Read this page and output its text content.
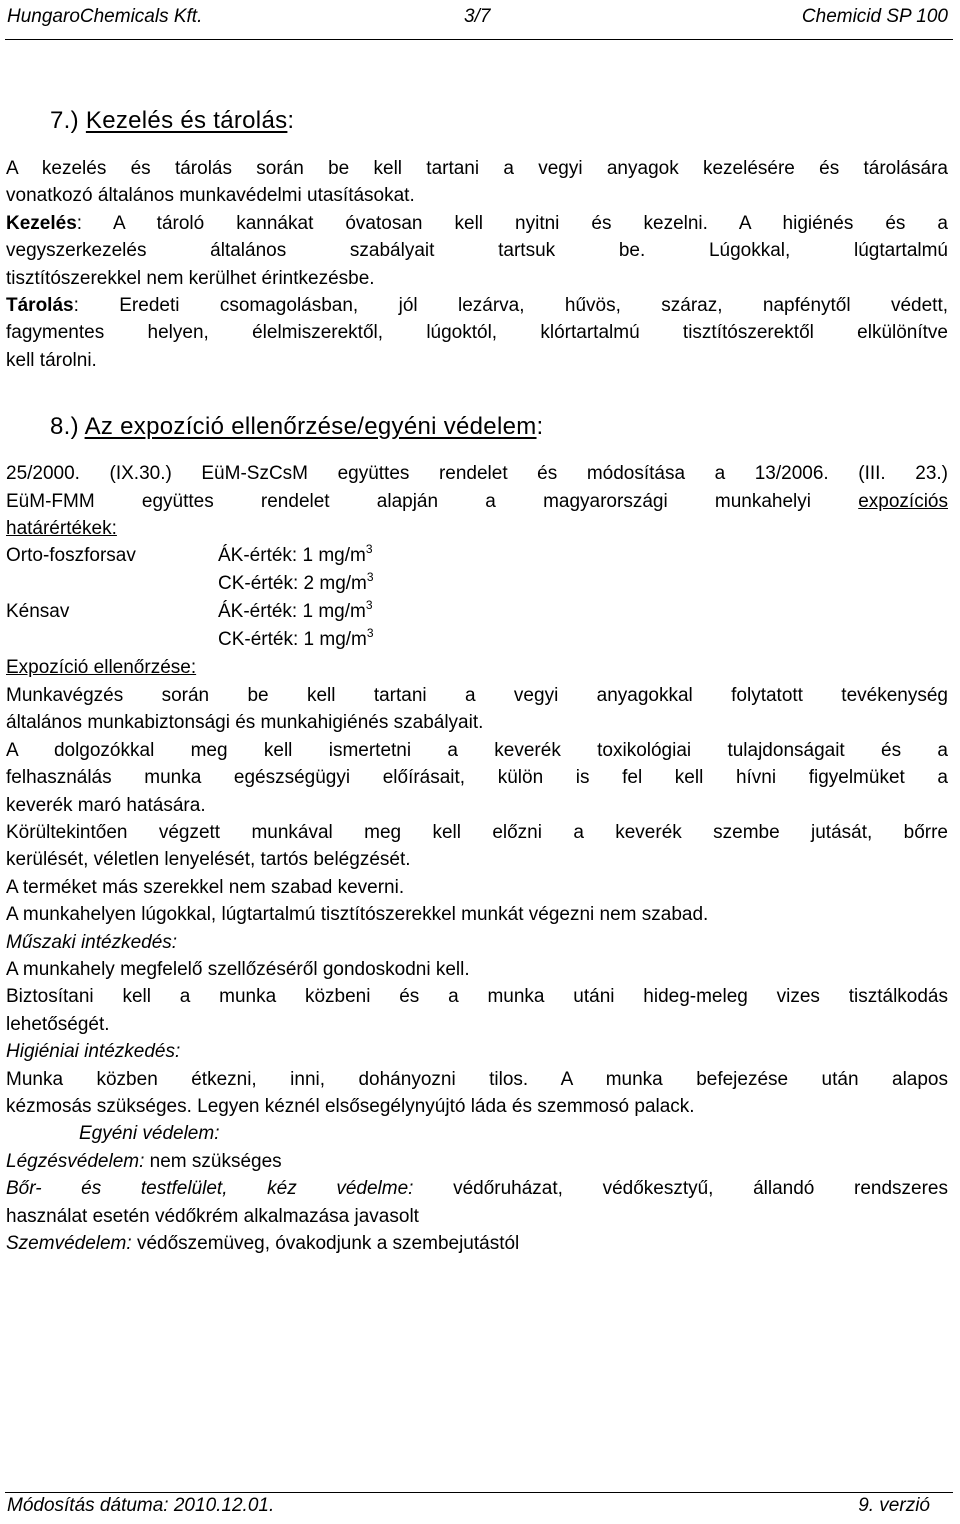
HungaroChemicals Kft.	3/7	Chemicid SP 100
7.) Kezelés és tárolás:

A kezelés és tárolás során be kell tartani a vegyi anyagok kezelésére és tárolására

vonatkozó általános munkavédelmi utasításokat.

Kezelés: A tároló kannákat óvatosan kell nyitni és kezelni. A higiénés és a

vegyszerkezelés általános szabályait tartsuk be. Lúgokkal, lúgtartalmú

tisztítószerekkel nem kerülhet érintkezésbe.

Tárolás: Eredeti csomagolásban, jól lezárva, hűvös, száraz, napfénytől védett,

fagymentes helyen, élelmiszerektől, lúgoktól, klórtartalmú tisztítószerektől elkülönítve

kell tárolni.

8.) Az expozíció ellenőrzése/egyéni védelem:

25/2000. (IX.30.) EüM-SzCsM együttes rendelet és módosítása a 13/2006. (III. 23.)

EüM-FMM együttes rendelet alapján a magyarországi munkahelyi expozíciós

határértékek:

Orto-foszforsav	ÁK-érték: 1 $mg/m^3$
CK-érték: 2 $mg/m^3$
Kénsav	ÁK-érték: 1 $mg/m^3$
CK-érték: 1 $mg/m^3$

Expozíció ellenőrzése:

Munkavégzés során be kell tartani a vegyi anyagokkal folytatott tevékenység

általános munkabiztonsági és munkahigiénés szabályait.

A dolgozókkal meg kell ismertetni a keverék toxikológiai tulajdonságait és a

felhasználás munka egészségügyi előírásait, külön is fel kell hívni figyelmüket a

keverék maró hatására.

Körültekintően végzett munkával meg kell előzni a keverék szembe jutását, bőrre

kerülését, véletlen lenyelését, tartós belégzését.

A terméket más szerekkel nem szabad keverni.

A munkahelyen lúgokkal, lúgtartalmú tisztítószerekkel munkát végezni nem szabad.

Műszaki intézkedés:

A munkahely megfelelő szellőzéséről gondoskodni kell.

Biztosítani kell a munka közbeni és a munka utáni hideg-meleg vizes tisztálkodás

lehetőségét.

Higiéniai intézkedés:

Munka közben étkezni, inni, dohányozni tilos. A munka befejezése után alapos

kézmosás szükséges. Legyen kéznél elsősegélynyújtó láda és szemmosó palack.

Egyéni védelem:

Légzésvédelem: nem szükséges

Bőr- és testfelület, kéz védelme: védőruházat, védőkesztyű, állandó rendszeres

használat esetén védőkrém alkalmazása javasolt

Szemvédelem: védőszemüveg, óvakodjunk a szembejutástól

Módosítás dátuma: 2010.12.01.	9. verzió
